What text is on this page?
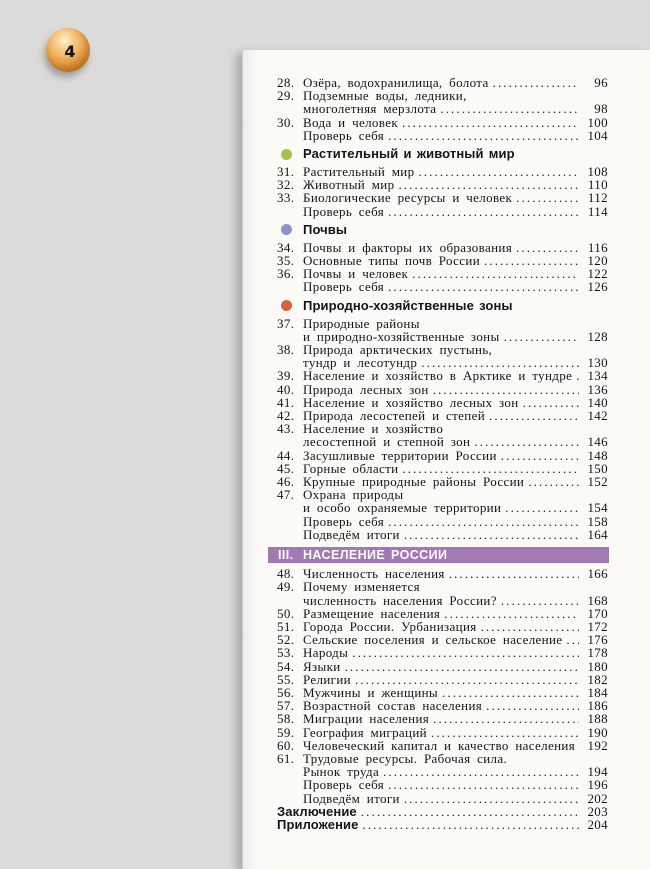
4
28. Озёра, водохранилища, болота .....	96
29. Подземные воды, ледники,
многолетняя мерзлота .....	98
30. Вода и человек .....	100
Проверь себя .....	104
Растительный и животный мир
31. Растительный мир .....	108
32. Животный мир .....	110
33. Биологические ресурсы и человек .....	112
Проверь себя .....	114
Почвы
34. Почвы и факторы их образования .....	116
35. Основные типы почв России .....	120
36. Почвы и человек .....	122
Проверь себя .....	126
Природно-хозяйственные зоны
37. Природные районы
и природно-хозяйственные зоны .....	128
38. Природа арктических пустынь,
тундр и лесотундр .....	130
39. Население и хозяйство в Арктике и тундре .....	134
40. Природа лесных зон .....	136
41. Население и хозяйство лесных зон .....	140
42. Природа лесостепей и степей .....	142
43. Население и хозяйство
лесостепной и степной зон .....	146
44. Засушливые территории России .....	148
45. Горные области .....	150
46. Крупные природные районы России .....	152
47. Охрана природы
и особо охраняемые территории .....	154
Проверь себя .....	158
Подведём итоги .....	164
III. НАСЕЛЕНИЕ РОССИИ
48. Численность населения .....	166
49. Почему изменяется
численность населения России? .....	168
50. Размещение населения .....	170
51. Города России. Урбанизация .....	172
52. Сельские поселения и сельское население .....	176
53. Народы .....	178
54. Языки .....	180
55. Религии .....	182
56. Мужчины и женщины .....	184
57. Возрастной состав населения .....	186
58. Миграции населения .....	188
59. География миграций .....	190
60. Человеческий капитал и качество населения 192
61. Трудовые ресурсы. Рабочая сила.
Рынок труда .....	194
Проверь себя .....	196
Подведём итоги .....	202
Заключение .....	203
Приложение .....	204
